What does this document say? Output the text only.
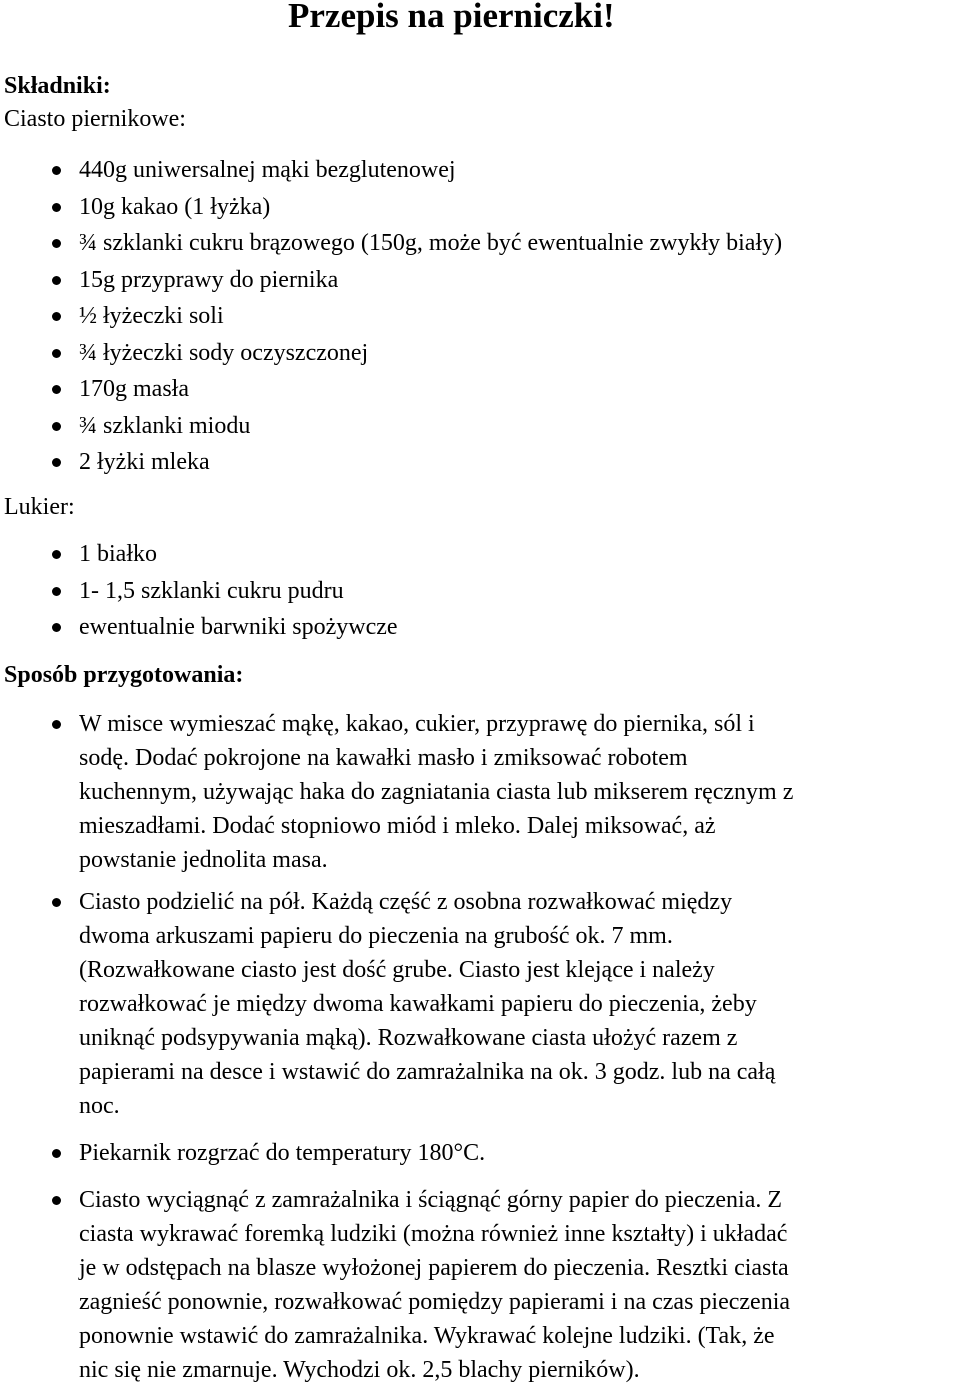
Przepis na pierniczki!
Składniki:
Ciasto piernikowe:
440g uniwersalnej mąki bezglutenowej
10g kakao (1 łyżka)
¾ szklanki cukru brązowego (150g, może być ewentualnie zwykły biały)
15g przyprawy do piernika
½ łyżeczki soli
¾ łyżeczki sody oczyszczonej
170g masła
¾ szklanki miodu
2 łyżki mleka
Lukier:
1 białko
1- 1,5 szklanki cukru pudru
ewentualnie barwniki spożywcze
Sposób przygotowania:
W misce wymieszać mąkę, kakao, cukier, przyprawę do piernika, sól i
sodę. Dodać pokrojone na kawałki masło i zmiksować robotem
kuchennym, używając haka do zagniatania ciasta lub mikserem ręcznym z
mieszadłami. Dodać stopniowo miód i mleko. Dalej miksować, aż
powstanie jednolita masa.
Ciasto podzielić na pół. Każdą część z osobna rozwałkować między
dwoma arkuszami papieru do pieczenia na grubość ok. 7 mm.
(Rozwałkowane ciasto jest dość grube. Ciasto jest klejące i należy
rozwałkować je między dwoma kawałkami papieru do pieczenia, żeby
uniknąć podsypywania mąką). Rozwałkowane ciasta ułożyć razem z
papierami na desce i wstawić do zamrażalnika na ok. 3 godz. lub na całą
noc.
Piekarnik rozgrzać do temperatury 180°C.
Ciasto wyciągnąć z zamrażalnika i ściągnąć górny papier do pieczenia. Z
ciasta wykrawać foremką ludziki (można również inne kształty) i układać
je w odstępach na blasze wyłożonej papierem do pieczenia. Resztki ciasta
zagnieść ponownie, rozwałkować pomiędzy papierami i na czas pieczenia
ponownie wstawić do zamrażalnika. Wykrawać kolejne ludziki. (Tak, że
nic się nie zmarnuje. Wychodzi ok. 2,5 blachy pierników).
